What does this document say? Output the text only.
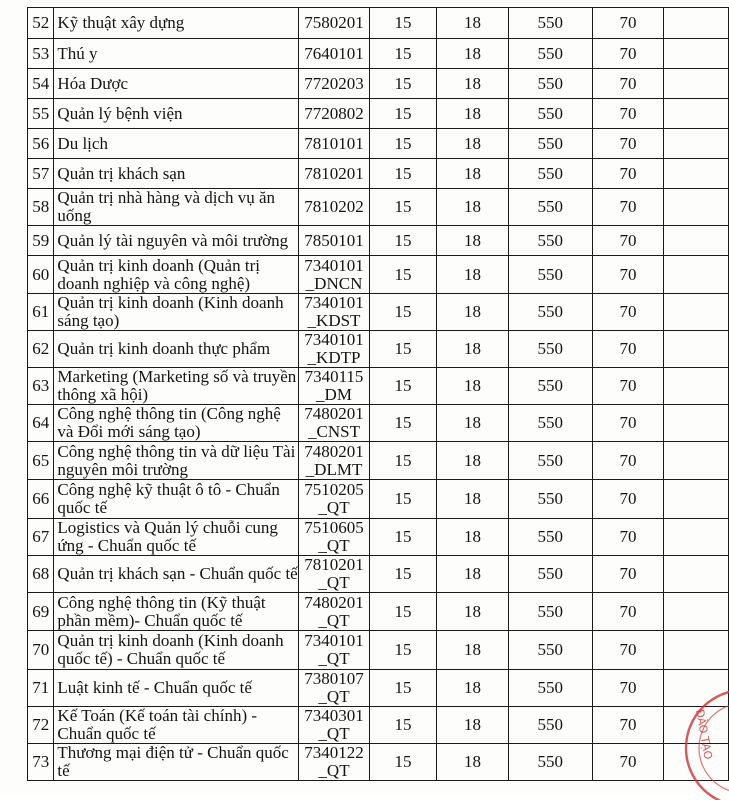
52	Kỹ thuật xây dựng	7580201	15	18	550	70	
53	Thú y	7640101	15	18	550	70	
54	Hóa Dược	7720203	15	18	550	70	
55	Quản lý bệnh viện	7720802	15	18	550	70	
56	Du lịch	7810101	15	18	550	70	
57	Quản trị khách sạn	7810201	15	18	550	70	
58	Quản trị nhà hàng và dịch vụ ăn uống	7810202	15	18	550	70	
59	Quản lý tài nguyên và môi trường	7850101	15	18	550	70	
60	Quản trị kinh doanh (Quản trị doanh nghiệp và công nghệ)	7340101 _DNCN	15	18	550	70	
61	Quản trị kinh doanh (Kinh doanh sáng tạo)	7340101 _KDST	15	18	550	70	
62	Quản trị kinh doanh thực phẩm	7340101 _KDTP	15	18	550	70	
63	Marketing (Marketing số và truyền thông xã hội)	7340115 _DM	15	18	550	70	
64	Công nghệ thông tin (Công nghệ và Đổi mới sáng tạo)	7480201 _CNST	15	18	550	70	
65	Công nghệ thông tin và dữ liệu Tài nguyên môi trường	7480201 _DLMT	15	18	550	70	
66	Công nghệ kỹ thuật ô tô - Chuẩn quốc tế	7510205 _QT	15	18	550	70	
67	Logistics và Quản lý chuỗi cung ứng - Chuẩn quốc tế	7510605 _QT	15	18	550	70	
68	Quản trị khách sạn - Chuẩn quốc tế	7810201 _QT	15	18	550	70	
69	Công nghệ thông tin (Kỹ thuật phần mềm)- Chuẩn quốc tế	7480201 _QT	15	18	550	70	
70	Quản trị kinh doanh (Kinh doanh quốc tế) - Chuẩn quốc tế	7340101 _QT	15	18	550	70	
71	Luật kinh tế - Chuẩn quốc tế	7380107 _QT	15	18	550	70	
72	Kế Toán (Kế toán tài chính) - Chuẩn quốc tế	7340301 _QT	15	18	550	70	
73	Thương mại điện tử - Chuẩn quốc tế	7340122 _QT	15	18	550	70	
ĐÀO TẠO
